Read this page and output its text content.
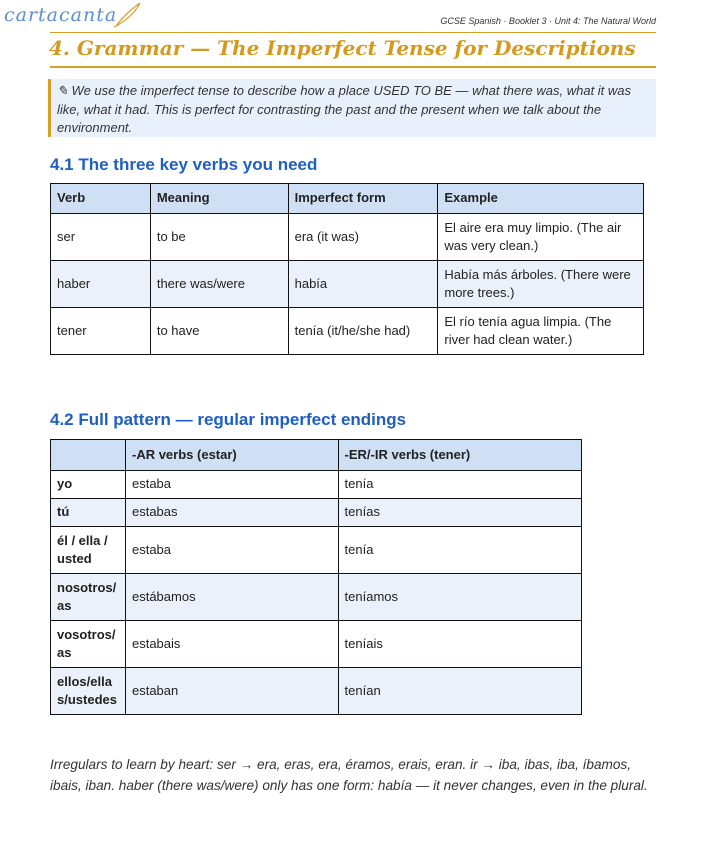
cartacanta	GCSE Spanish · Booklet 3 · Unit 4: The Natural World
4. Grammar — The Imperfect Tense for Descriptions
✎ We use the imperfect tense to describe how a place USED TO BE — what there was, what it was like, what it had. This is perfect for contrasting the past and the present when we talk about the environment.
4.1 The three key verbs you need
Verb	Meaning	Imperfect form	Example
ser	to be	era (it was)	El aire era muy limpio. (The air was very clean.)
haber	there was/were	había	Había más árboles. (There were more trees.)
tener	to have	tenía (it/he/she had)	El río tenía agua limpia. (The river had clean water.)
4.2 Full pattern — regular imperfect endings
	-AR verbs (estar)	-ER/-IR verbs (tener)
yo	estaba	tenía
tú	estabas	tenías
él / ella / usted	estaba	tenía
nosotros/ as	estábamos	teníamos
vosotros/ as	estabais	teníais
ellos/ella s/ustedes	estaban	tenían
Irregulars to learn by heart: ser → era, eras, era, éramos, erais, eran. ir → iba, ibas, iba, íbamos, ibais, iban. haber (there was/were) only has one form: había — it never changes, even in the plural.
